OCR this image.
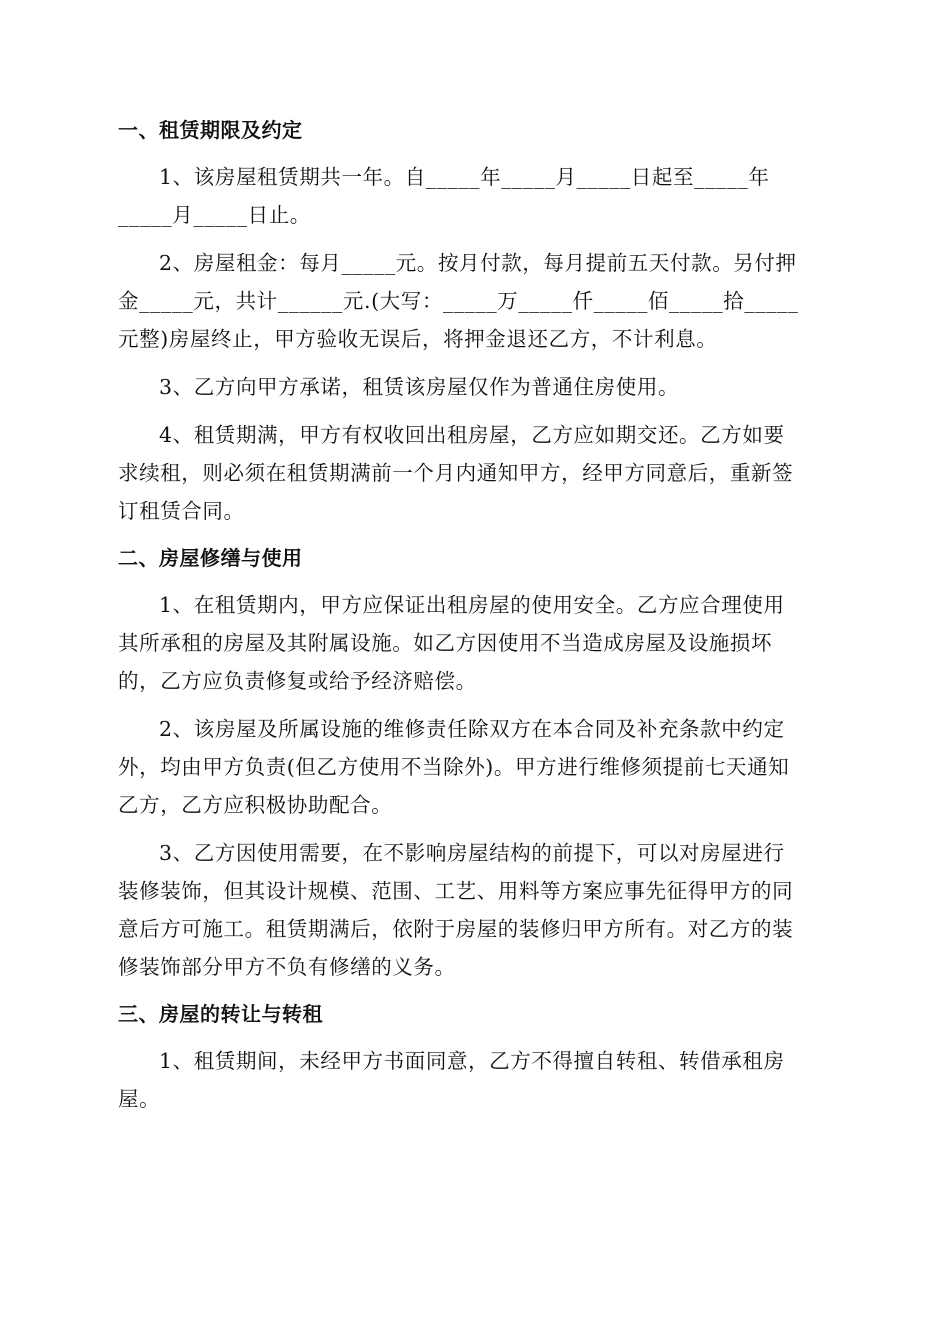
一、租赁期限及约定
1、该房屋租赁期共一年。自_____年_____月_____日起至_____年
_____月_____日止。
2、房屋租金：每月_____元。按月付款，每月提前五天付款。另付押
金_____元，共计______元.(大写：_____万_____仟_____佰_____拾_____
元整)房屋终止，甲方验收无误后，将押金退还乙方，不计利息。
3、乙方向甲方承诺，租赁该房屋仅作为普通住房使用。
4、租赁期满，甲方有权收回出租房屋，乙方应如期交还。乙方如要
求续租，则必须在租赁期满前一个月内通知甲方，经甲方同意后，重新签
订租赁合同。
二、房屋修缮与使用
1、在租赁期内，甲方应保证出租房屋的使用安全。乙方应合理使用
其所承租的房屋及其附属设施。如乙方因使用不当造成房屋及设施损坏
的，乙方应负责修复或给予经济赔偿。
2、该房屋及所属设施的维修责任除双方在本合同及补充条款中约定
外，均由甲方负责(但乙方使用不当除外)。甲方进行维修须提前七天通知
乙方，乙方应积极协助配合。
3、乙方因使用需要，在不影响房屋结构的前提下，可以对房屋进行
装修装饰，但其设计规模、范围、工艺、用料等方案应事先征得甲方的同
意后方可施工。租赁期满后，依附于房屋的装修归甲方所有。对乙方的装
修装饰部分甲方不负有修缮的义务。
三、房屋的转让与转租
1、租赁期间，未经甲方书面同意，乙方不得擅自转租、转借承租房
屋。
